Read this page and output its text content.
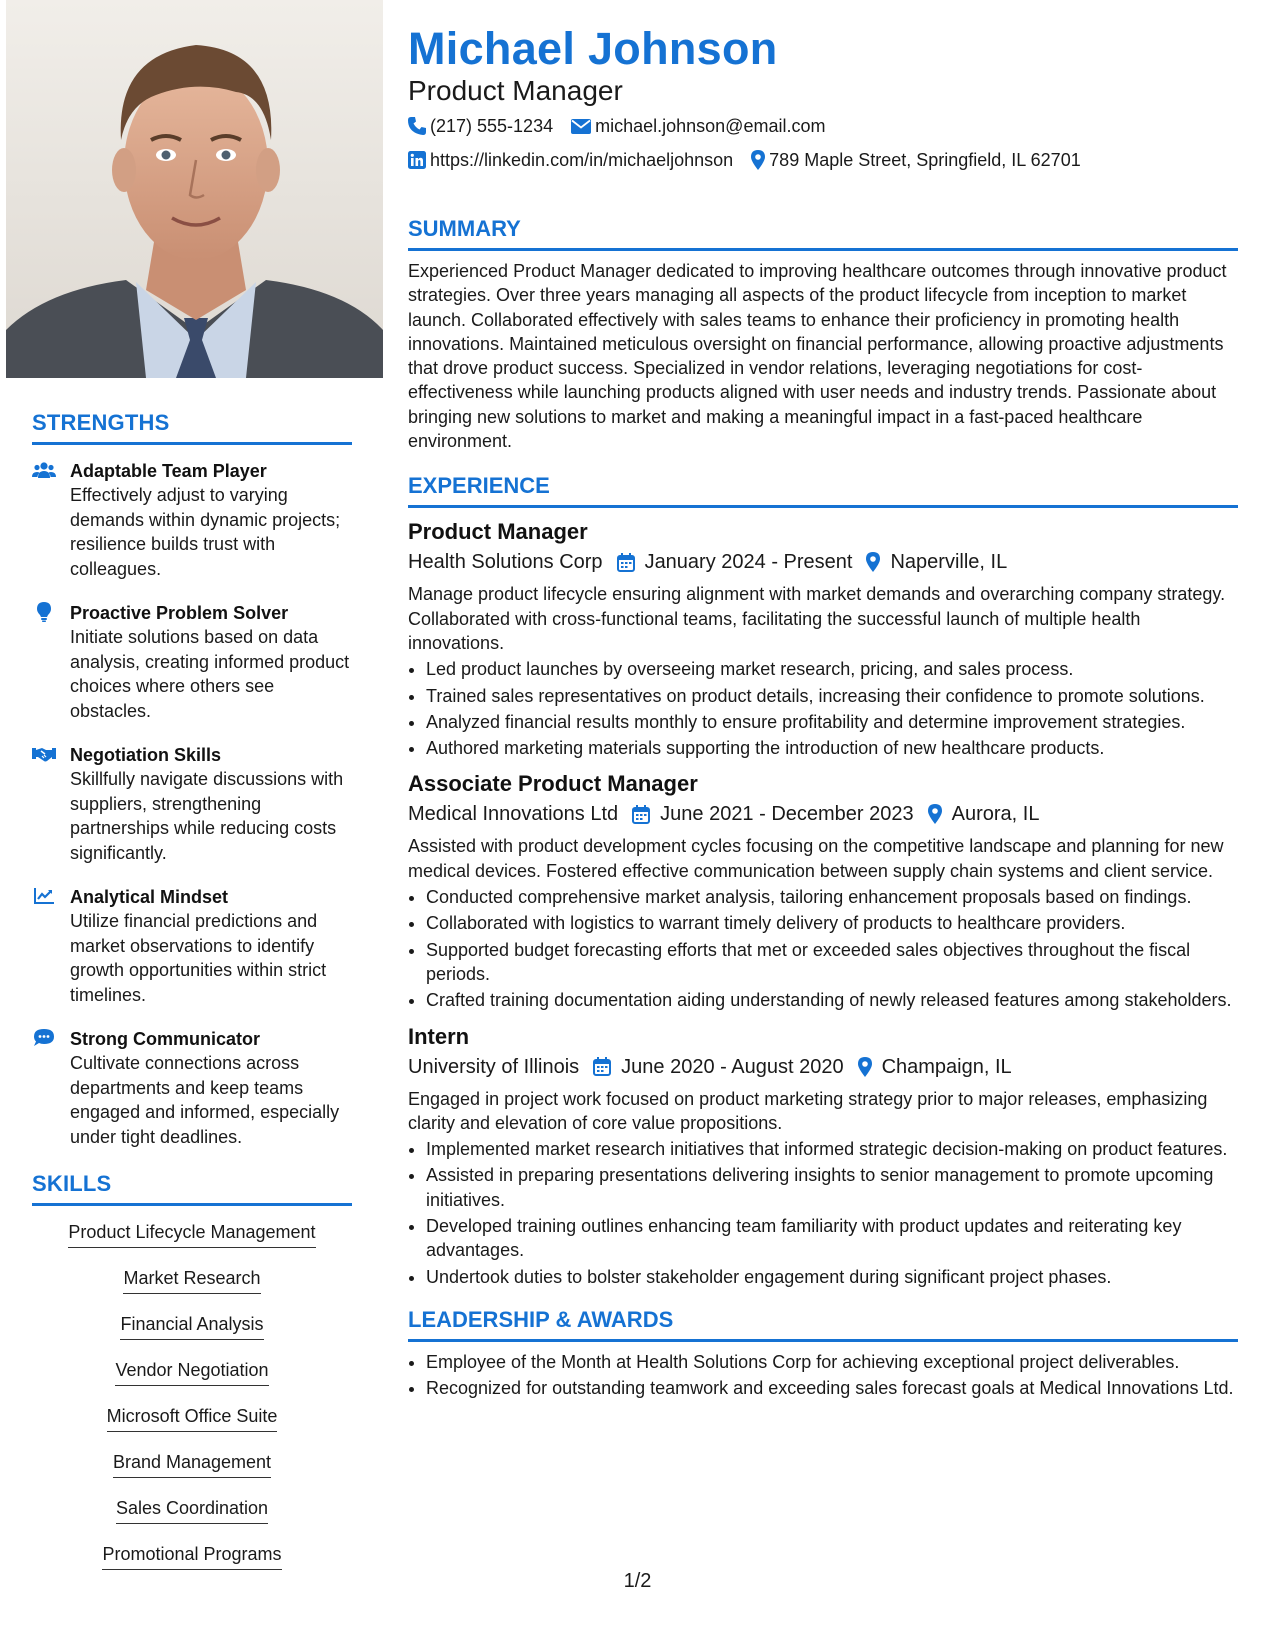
STRENGTHS
Adaptable Team Player
Effectively adjust to varying demands within dynamic projects; resilience builds trust with colleagues.
Proactive Problem Solver
Initiate solutions based on data analysis, creating informed product choices where others see obstacles.
Negotiation Skills
Skillfully navigate discussions with suppliers, strengthening partnerships while reducing costs significantly.
Analytical Mindset
Utilize financial predictions and market observations to identify growth opportunities within strict timelines.
Strong Communicator
Cultivate connections across departments and keep teams engaged and informed, especially under tight deadlines.
SKILLS
Product Lifecycle Management
Market Research
Financial Analysis
Vendor Negotiation
Microsoft Office Suite
Brand Management
Sales Coordination
Promotional Programs
Michael Johnson
Product Manager
(217) 555-1234 michael.johnson@email.com
https://linkedin.com/in/michaeljohnson 789 Maple Street, Springfield, IL 62701
SUMMARY
Experienced Product Manager dedicated to improving healthcare outcomes through innovative product strategies. Over three years managing all aspects of the product lifecycle from inception to market launch. Collaborated effectively with sales teams to enhance their proficiency in promoting health innovations. Maintained meticulous oversight on financial performance, allowing proactive adjustments that drove product success. Specialized in vendor relations, leveraging negotiations for cost-effectiveness while launching products aligned with user needs and industry trends. Passionate about bringing new solutions to market and making a meaningful impact in a fast-paced healthcare environment.
EXPERIENCE
Product Manager
Health Solutions Corp January 2024 - Present Naperville, IL
Manage product lifecycle ensuring alignment with market demands and overarching company strategy. Collaborated with cross-functional teams, facilitating the successful launch of multiple health innovations.
• Led product launches by overseeing market research, pricing, and sales process.
• Trained sales representatives on product details, increasing their confidence to promote solutions.
• Analyzed financial results monthly to ensure profitability and determine improvement strategies.
• Authored marketing materials supporting the introduction of new healthcare products.
Associate Product Manager
Medical Innovations Ltd June 2021 - December 2023 Aurora, IL
Assisted with product development cycles focusing on the competitive landscape and planning for new medical devices. Fostered effective communication between supply chain systems and client service.
• Conducted comprehensive market analysis, tailoring enhancement proposals based on findings.
• Collaborated with logistics to warrant timely delivery of products to healthcare providers.
• Supported budget forecasting efforts that met or exceeded sales objectives throughout the fiscal periods.
• Crafted training documentation aiding understanding of newly released features among stakeholders.
Intern
University of Illinois June 2020 - August 2020 Champaign, IL
Engaged in project work focused on product marketing strategy prior to major releases, emphasizing clarity and elevation of core value propositions.
• Implemented market research initiatives that informed strategic decision-making on product features.
• Assisted in preparing presentations delivering insights to senior management to promote upcoming initiatives.
• Developed training outlines enhancing team familiarity with product updates and reiterating key advantages.
• Undertook duties to bolster stakeholder engagement during significant project phases.
LEADERSHIP & AWARDS
• Employee of the Month at Health Solutions Corp for achieving exceptional project deliverables.
• Recognized for outstanding teamwork and exceeding sales forecast goals at Medical Innovations Ltd.
1/2
